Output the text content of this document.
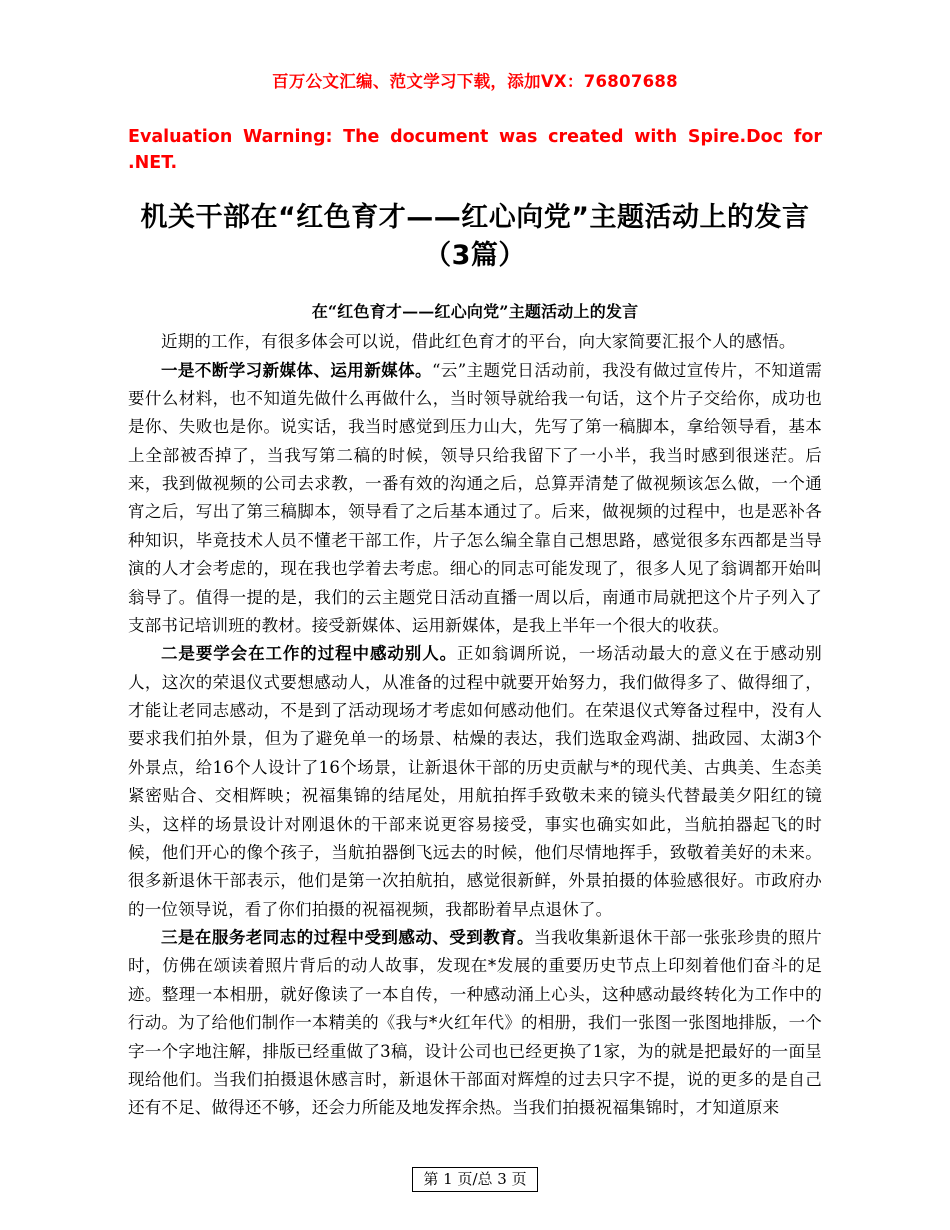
百万公文汇编、范文学习下载，添加VX：76807688
Evaluation Warning: The document was created with Spire.Doc for .NET.
机关干部在“红色育才——红心向党”主题活动上的发言（3篇）
在“红色育才——红心向党”主题活动上的发言

近期的工作，有很多体会可以说，借此红色育才的平台，向大家简要汇报个人的感悟。

一是不断学习新媒体、运用新媒体。“云”主题党日活动前，我没有做过宣传片，不知道需要什么材料，也不知道先做什么再做什么，当时领导就给我一句话，这个片子交给你，成功也是你、失败也是你。说实话，我当时感觉到压力山大，先写了第一稿脚本，拿给领导看，基本上全部被否掉了，当我写第二稿的时候，领导只给我留下了一小半，我当时感到很迷茫。后来，我到做视频的公司去求教，一番有效的沟通之后，总算弄清楚了做视频该怎么做，一个通宵之后，写出了第三稿脚本，领导看了之后基本通过了。后来，做视频的过程中，也是恶补各种知识，毕竟技术人员不懂老干部工作，片子怎么编全靠自己想思路，感觉很多东西都是当导演的人才会考虑的，现在我也学着去考虑。细心的同志可能发现了，很多人见了翁调都开始叫翁导了。值得一提的是，我们的云主题党日活动直播一周以后，南通市局就把这个片子列入了支部书记培训班的教材。接受新媒体、运用新媒体，是我上半年一个很大的收获。

二是要学会在工作的过程中感动别人。正如翁调所说，一场活动最大的意义在于感动别人，这次的荣退仪式要想感动人，从准备的过程中就要开始努力，我们做得多了、做得细了，才能让老同志感动，不是到了活动现场才考虑如何感动他们。在荣退仪式筹备过程中，没有人要求我们拍外景，但为了避免单一的场景、枯燥的表达，我们选取金鸡湖、拙政园、太湖3个外景点，给16个人设计了16个场景，让新退休干部的历史贡献与*的现代美、古典美、生态美紧密贴合、交相辉映；祝福集锦的结尾处，用航拍挥手致敬未来的镜头代替最美夕阳红的镜头，这样的场景设计对刚退休的干部来说更容易接受，事实也确实如此，当航拍器起飞的时候，他们开心的像个孩子，当航拍器倒飞远去的时候，他们尽情地挥手，致敬着美好的未来。很多新退休干部表示，他们是第一次拍航拍，感觉很新鲜，外景拍摄的体验感很好。市政府办的一位领导说，看了你们拍摄的祝福视频，我都盼着早点退休了。

三是在服务老同志的过程中受到感动、受到教育。当我收集新退休干部一张张珍贵的照片时，仿佛在颂读着照片背后的动人故事，发现在*发展的重要历史节点上印刻着他们奋斗的足迹。整理一本相册，就好像读了一本自传，一种感动涌上心头，这种感动最终转化为工作中的行动。为了给他们制作一本精美的《我与*火红年代》的相册，我们一张图一张图地排版，一个字一个字地注解，排版已经重做了3稿，设计公司也已经更换了1家，为的就是把最好的一面呈现给他们。当我们拍摄退休感言时，新退休干部面对辉煌的过去只字不提，说的更多的是自己还有不足、做得还不够，还会力所能及地发挥余热。当我们拍摄祝福集锦时，才知道原来

第 1 页/总 3 页
